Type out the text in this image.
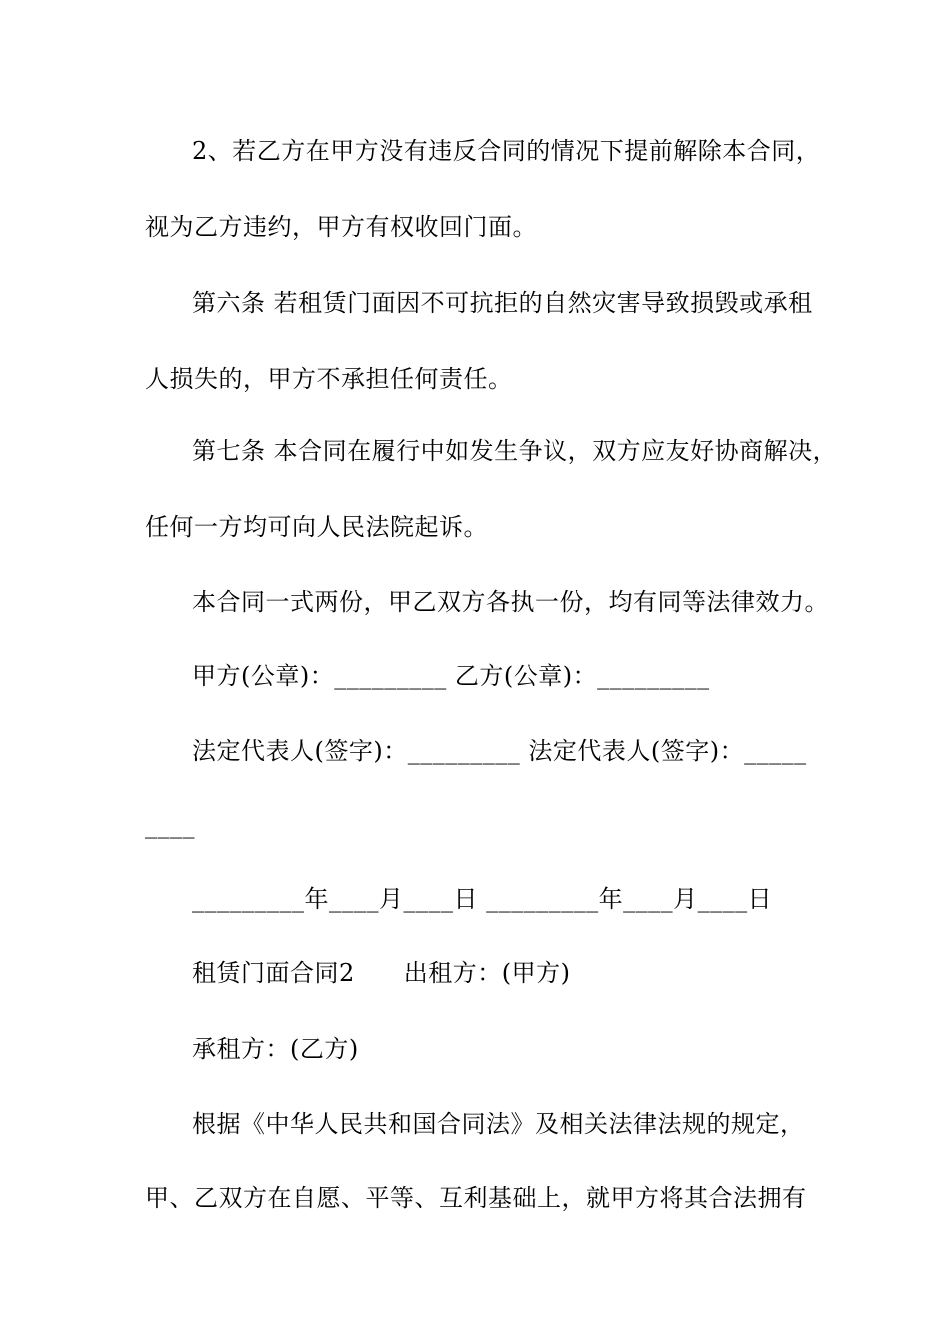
2、若乙方在甲方没有违反合同的情况下提前解除本合同，
视为乙方违约，甲方有权收回门面。
第六条 若租赁门面因不可抗拒的自然灾害导致损毁或承租
人损失的，甲方不承担任何责任。
第七条 本合同在履行中如发生争议，双方应友好协商解决，
任何一方均可向人民法院起诉。
本合同一式两份，甲乙双方各执一份，均有同等法律效力。
甲方(公章)：_________ 乙方(公章)：_________
法定代表人(签字)：_________ 法定代表人(签字)：_____
____
_________年____月____日 _________年____月____日
租赁门面合同2　　出租方：(甲方)
承租方：(乙方)
根据《中华人民共和国合同法》及相关法律法规的规定，
甲、乙双方在自愿、平等、互利基础上，就甲方将其合法拥有
